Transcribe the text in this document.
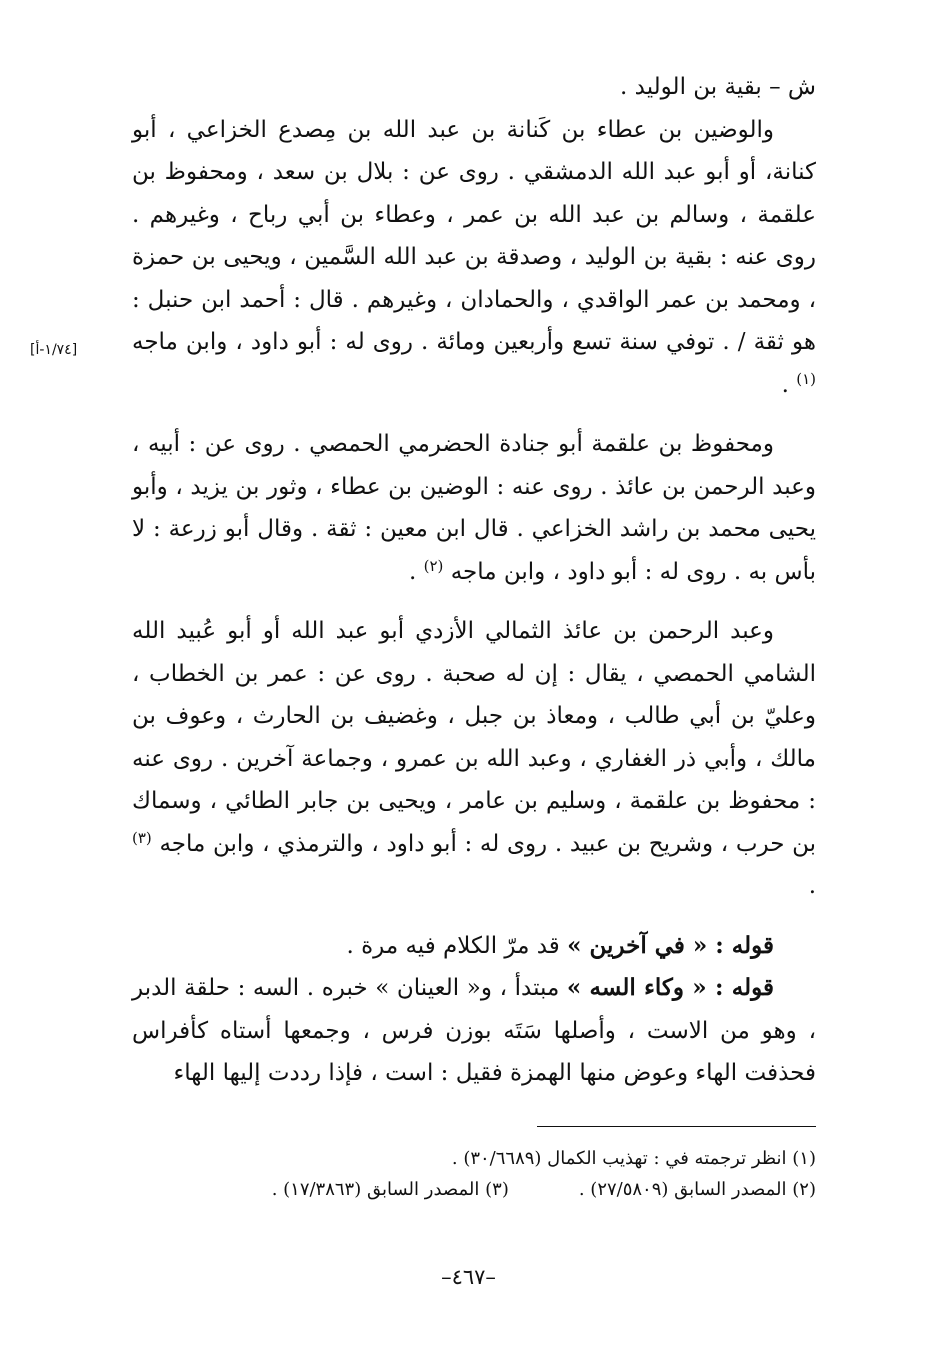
ش – بقية بن الوليد .

والوضين بن عطاء بن كَنانة بن عبد الله بن مِصدع الخزاعي ، أبو كنانة، أو أبو عبد الله الدمشقي . روى عن : بلال بن سعد ، ومحفوظ بن علقمة ، وسالم بن عبد الله بن عمر ، وعطاء بن أبي رباح ، وغيرهم . روى عنه : بقية بن الوليد ، وصدقة بن عبد الله السَّمين ، ويحيى بن حمزة ، ومحمد بن عمر الواقدي ، والحمادان ، وغيرهم . قال : أحمد ابن حنبل : هو ثقة / . توفي سنة تسع وأربعين ومائة . روى له : أبو داود ، وابن ماجه $^{(١)}$ .

ومحفوظ بن علقمة أبو جنادة الحضرمي الحمصي . روى عن : أبيه ، وعبد الرحمن بن عائذ . روى عنه : الوضين بن عطاء ، وثور بن يزيد ، وأبو يحيى محمد بن راشد الخزاعي . قال ابن معين : ثقة . وقال أبو زرعة : لا بأس به . روى له : أبو داود ، وابن ماجه $^{(٢)}$ .

وعبد الرحمن بن عائذ الثمالي الأزدي أبو عبد الله أو أبو عُبيد الله الشامي الحمصي ، يقال : إن له صحبة . روى عن : عمر بن الخطاب ، وعليّ بن أبي طالب ، ومعاذ بن جبل ، وغضيف بن الحارث ، وعوف بن مالك ، وأبي ذر الغفاري ، وعبد الله بن عمرو ، وجماعة آخرين . روى عنه : محفوظ بن علقمة ، وسليم بن عامر ، ويحيى بن جابر الطائي ، وسماك بن حرب ، وشريح بن عبيد . روى له : أبو داود ، والترمذي ، وابن ماجه $^{(٣)}$ .

قوله : « في آخرين » قد مرّ الكلام فيه مرة .

قوله : « وكاء السه » مبتدأ ، و« العينان » خبره . السه : حلقة الدبر ، وهو من الاست ، وأصلها سَتَه بوزن فرس ، وجمعها أستاه كأفراس فحذفت الهاء وعوض منها الهمزة فقيل : است ، فإذا رددت إليها الهاء

[١/٧٤-أ]

(١) انظر ترجمته في : تهذيب الكمال (٣٠/٦٦٨٩) .

(٢) المصدر السابق (٢٧/٥٨٠٩) .(٣) المصدر السابق (١٧/٣٨٦٣) .

–٤٦٧–
